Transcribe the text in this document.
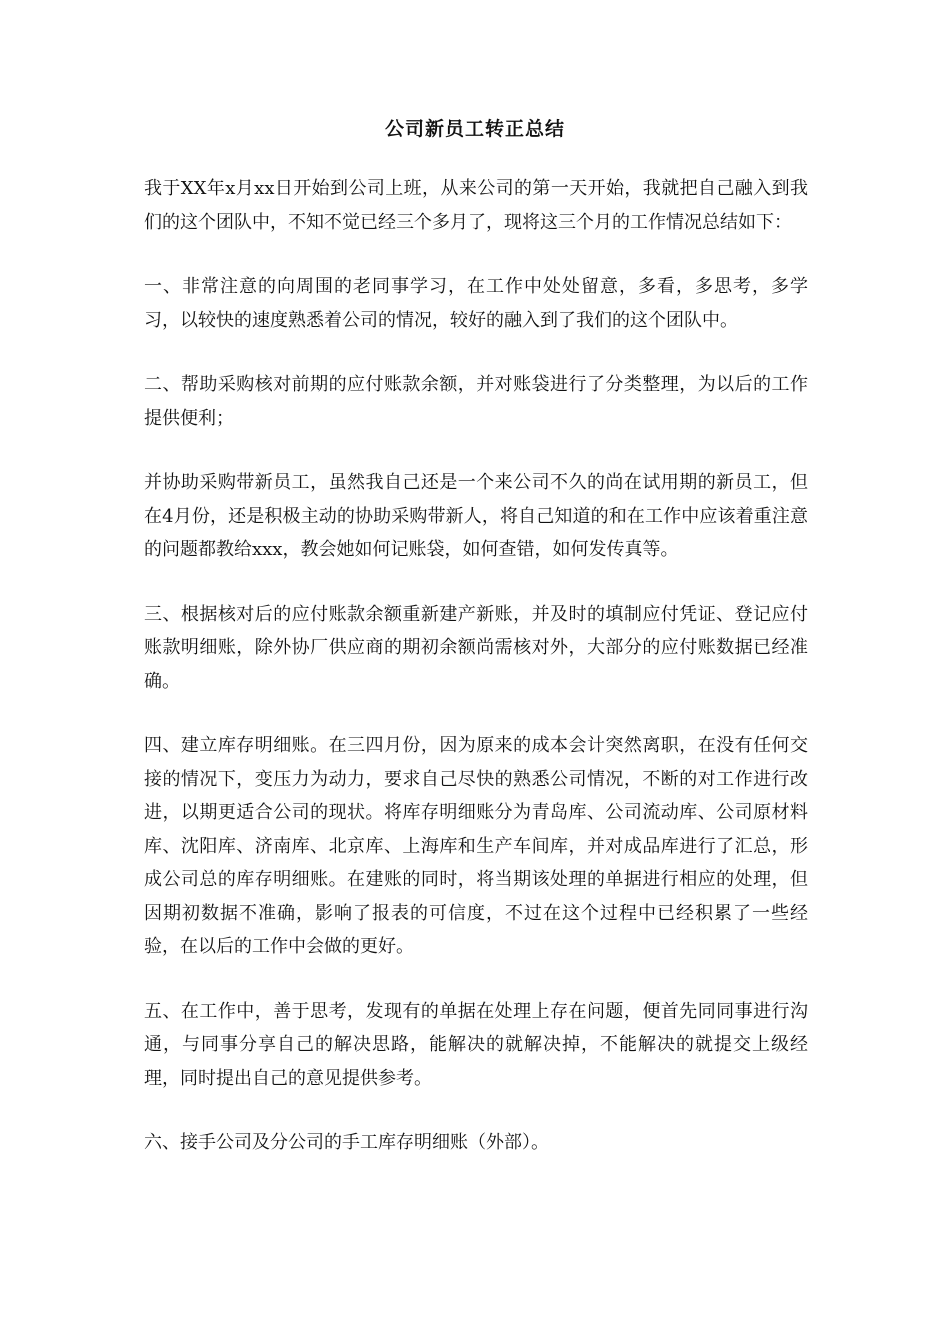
公司新员工转正总结

我于XX年x月xx日开始到公司上班，从来公司的第一天开始，我就把自己融入到我们的这个团队中，不知不觉已经三个多月了，现将这三个月的工作情况总结如下：

一、非常注意的向周围的老同事学习，在工作中处处留意，多看，多思考，多学习，以较快的速度熟悉着公司的情况，较好的融入到了我们的这个团队中。

二、帮助采购核对前期的应付账款余额，并对账袋进行了分类整理，为以后的工作提供便利；

并协助采购带新员工，虽然我自己还是一个来公司不久的尚在试用期的新员工，但在4月份，还是积极主动的协助采购带新人，将自己知道的和在工作中应该着重注意的问题都教给xxx，教会她如何记账袋，如何查错，如何发传真等。

三、根据核对后的应付账款余额重新建产新账，并及时的填制应付凭证、登记应付账款明细账，除外协厂供应商的期初余额尚需核对外，大部分的应付账数据已经准确。

四、建立库存明细账。在三四月份，因为原来的成本会计突然离职，在没有任何交接的情况下，变压力为动力，要求自己尽快的熟悉公司情况，不断的对工作进行改进，以期更适合公司的现状。将库存明细账分为青岛库、公司流动库、公司原材料库、沈阳库、济南库、北京库、上海库和生产车间库，并对成品库进行了汇总，形成公司总的库存明细账。在建账的同时，将当期该处理的单据进行相应的处理，但因期初数据不准确，影响了报表的可信度，不过在这个过程中已经积累了一些经验，在以后的工作中会做的更好。

五、在工作中，善于思考，发现有的单据在处理上存在问题，便首先同同事进行沟通，与同事分享自己的解决思路，能解决的就解决掉，不能解决的就提交上级经理，同时提出自己的意见提供参考。

六、接手公司及分公司的手工库存明细账（外部）。
